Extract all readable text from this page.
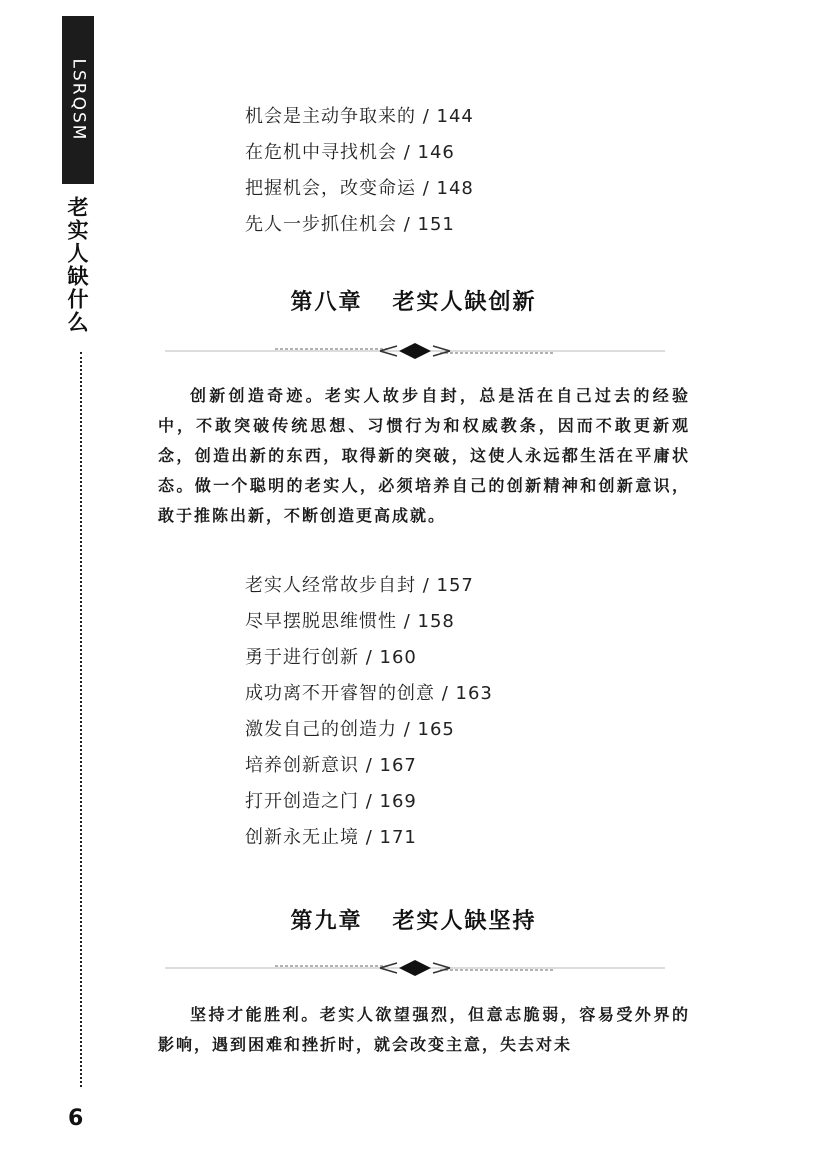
LSRQSM
老实人缺什么
6
机会是主动争取来的 / 144
在危机中寻找机会 / 146
把握机会，改变命运 / 148
先人一步抓住机会 / 151
第八章 老实人缺创新

创新创造奇迹。老实人故步自封，总是活在自己过去的经验中，不敢突破传统思想、习惯行为和权威教条，因而不敢更新观念，创造出新的东西，取得新的突破，这使人永远都生活在平庸状态。做一个聪明的老实人，必须培养自己的创新精神和创新意识，敢于推陈出新，不断创造更高成就。

老实人经常故步自封 / 157
尽早摆脱思维惯性 / 158
勇于进行创新 / 160
成功离不开睿智的创意 / 163
激发自己的创造力 / 165
培养创新意识 / 167
打开创造之门 / 169
创新永无止境 / 171
第九章 老实人缺坚持

坚持才能胜利。老实人欲望强烈，但意志脆弱，容易受外界的影响，遇到困难和挫折时，就会改变主意，失去对未
